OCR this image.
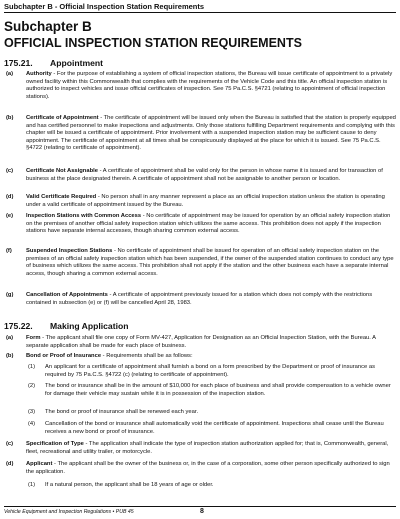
Subchapter B - Official Inspection Station Requirements
Subchapter B
OFFICIAL INSPECTION STATION REQUIREMENTS
175.21. Appointment
(a) Authority - For the purpose of establishing a system of official inspection stations, the Bureau will issue certificate of appointment to a privately owned facility within this Commonwealth that complies with the requirements of the Vehicle Code and this title. An official inspection station is authorized to inspect vehicles and issue official certificates of inspection. See 75 Pa.C.S. §4721 (relating to appointment of official inspection stations).
(b) Certificate of Appointment - The certificate of appointment will be issued only when the Bureau is satisfied that the station is properly equipped and has certified personnel to make inspections and adjustments. Only those stations fulfilling Department requirements and complying with this chapter will be issued a certificate of appointment. Prior involvement with a suspended inspection station may be sufficient cause to deny appointment. The certificate of appointment at all times shall be conspicuously displayed at the place for which it is issued. See 75 Pa.C.S. §4722 (relating to certificate of appointment).
(c) Certificate Not Assignable - A certificate of appointment shall be valid only for the person in whose name it is issued and for transaction of business at the place designated therein. A certificate of appointment shall not be assignable to another person or location.
(d) Valid Certificate Required - No person shall in any manner represent a place as an official inspection station unless the station is operating under a valid certificate of appointment issued by the Bureau.
(e) Inspection Stations with Common Access - No certificate of appointment may be issued for operation by an official safety inspection station on the premises of another official safety inspection station which utilizes the same access. This prohibition does not apply if the inspection stations have separate internal accesses, though sharing common external access.
(f) Suspended Inspection Stations - No certificate of appointment shall be issued for operation of an official safety inspection station on the premises of an official safety inspection station which has been suspended, if the owner of the suspended station continues to conduct any type of business which utilizes the same access. This prohibition shall not apply if the station and the other business each have a separate internal access, though sharing a common external access.
(g) Cancellation of Appointments - A certificate of appointment previously issued for a station which does not comply with the restrictions contained in subsection (e) or (f) will be cancelled April 28, 1983.
175.22. Making Application
(a) Form - The applicant shall file one copy of Form MV-427, Application for Designation as an Official Inspection Station, with the Bureau. A separate application shall be made for each place of business.
(b) Bond or Proof of Insurance - Requirements shall be as follows:
(1) An applicant for a certificate of appointment shall furnish a bond on a form prescribed by the Department or proof of insurance as required by 75 Pa.C.S. §4722 (c) (relating to certificate of appointment).
(2) The bond or insurance shall be in the amount of $10,000 for each place of business and shall provide compensation to a vehicle owner for damage their vehicle may sustain while it is in possession of the inspection station.
(3) The bond or proof of insurance shall be renewed each year.
(4) Cancellation of the bond or insurance shall automatically void the certificate of appointment. Inspections shall cease until the Bureau receives a new bond or proof of insurance.
(c) Specification of Type - The application shall indicate the type of inspection station authorization applied for; that is, Commonwealth, general, fleet, recreational and utility trailer, or motorcycle.
(d) Applicant - The applicant shall be the owner of the business or, in the case of a corporation, some other person specifically authorized to sign the application.
(1) If a natural person, the applicant shall be 18 years of age or older.
Vehicle Equipment and Inspection Regulations • PUB 45	8
